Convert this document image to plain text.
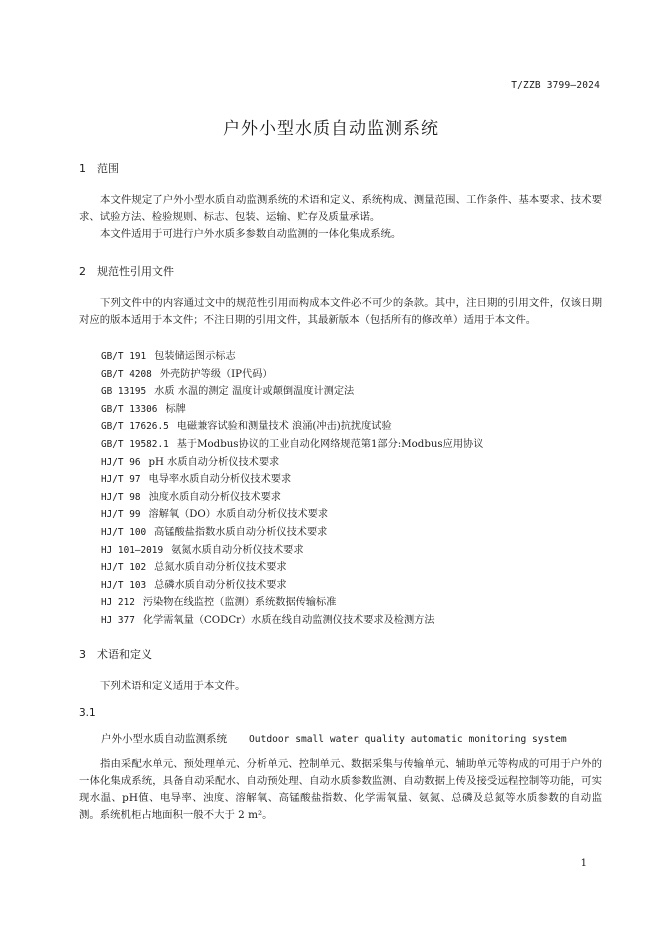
T/ZZB 3799—2024
户外小型水质自动监测系统
1 范围

本文件规定了户外小型水质自动监测系统的术语和定义、系统构成、测量范围、工作条件、基本要求、技术要求、试验方法、检验规则、标志、包装、运输、贮存及质量承诺。

本文件适用于可进行户外水质多参数自动监测的一体化集成系统。

2 规范性引用文件

下列文件中的内容通过文中的规范性引用而构成本文件必不可少的条款。其中，注日期的引用文件，仅该日期对应的版本适用于本文件；不注日期的引用文件，其最新版本（包括所有的修改单）适用于本文件。

GB/T 191 包装储运图示标志
GB/T 4208 外壳防护等级（IP代码）
GB 13195 水质 水温的测定 温度计或颠倒温度计测定法
GB/T 13306 标牌
GB/T 17626.5 电磁兼容试验和测量技术 浪涌(冲击)抗扰度试验
GB/T 19582.1 基于Modbus协议的工业自动化网络规范第1部分:Modbus应用协议
HJ/T 96 pH 水质自动分析仪技术要求
HJ/T 97 电导率水质自动分析仪技术要求
HJ/T 98 浊度水质自动分析仪技术要求
HJ/T 99 溶解氧（DO）水质自动分析仪技术要求
HJ/T 100 高锰酸盐指数水质自动分析仪技术要求
HJ 101—2019 氨氮水质自动分析仪技术要求
HJ/T 102 总氮水质自动分析仪技术要求
HJ/T 103 总磷水质自动分析仪技术要求
HJ 212 污染物在线监控（监测）系统数据传输标准
HJ 377 化学需氧量（CODCr）水质在线自动监测仪技术要求及检测方法
3 术语和定义

下列术语和定义适用于本文件。

3.1
户外小型水质自动监测系统 Outdoor small water quality automatic monitoring system

指由采配水单元、预处理单元、分析单元、控制单元、数据采集与传输单元、辅助单元等构成的可用于户外的一体化集成系统，具备自动采配水、自动预处理、自动水质参数监测、自动数据上传及接受远程控制等功能，可实现水温、pH值、电导率、浊度、溶解氧、高锰酸盐指数、化学需氧量、氨氮、总磷及总氮等水质参数的自动监测。系统机柜占地面积一般不大于 2 m²。

1
